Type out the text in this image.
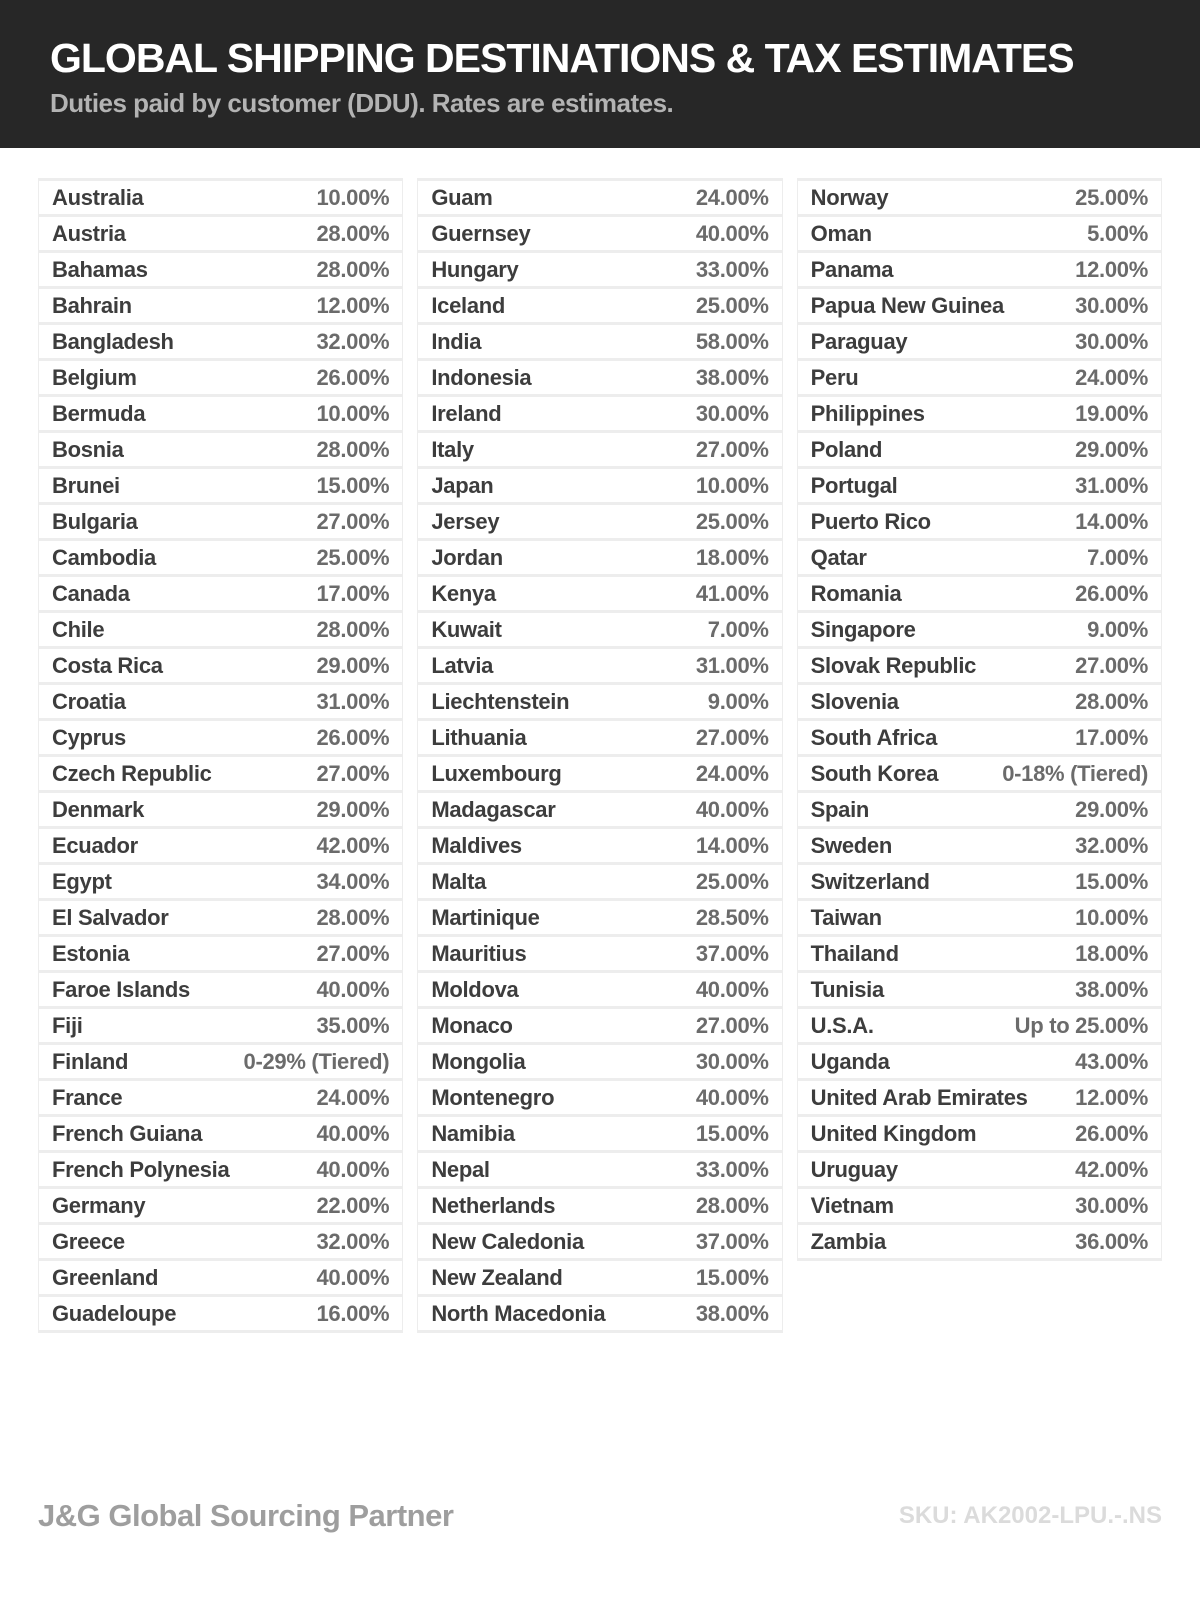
GLOBAL SHIPPING DESTINATIONS & TAX ESTIMATES

Duties paid by customer (DDU). Rates are estimates.

Australia	10.00%
Austria	28.00%
Bahamas	28.00%
Bahrain	12.00%
Bangladesh	32.00%
Belgium	26.00%
Bermuda	10.00%
Bosnia	28.00%
Brunei	15.00%
Bulgaria	27.00%
Cambodia	25.00%
Canada	17.00%
Chile	28.00%
Costa Rica	29.00%
Croatia	31.00%
Cyprus	26.00%
Czech Republic	27.00%
Denmark	29.00%
Ecuador	42.00%
Egypt	34.00%
El Salvador	28.00%
Estonia	27.00%
Faroe Islands	40.00%
Fiji	35.00%
Finland	0-29% (Tiered)
France	24.00%
French Guiana	40.00%
French Polynesia	40.00%
Germany	22.00%
Greece	32.00%
Greenland	40.00%
Guadeloupe	16.00%
Guam	24.00%
Guernsey	40.00%
Hungary	33.00%
Iceland	25.00%
India	58.00%
Indonesia	38.00%
Ireland	30.00%
Italy	27.00%
Japan	10.00%
Jersey	25.00%
Jordan	18.00%
Kenya	41.00%
Kuwait	7.00%
Latvia	31.00%
Liechtenstein	9.00%
Lithuania	27.00%
Luxembourg	24.00%
Madagascar	40.00%
Maldives	14.00%
Malta	25.00%
Martinique	28.50%
Mauritius	37.00%
Moldova	40.00%
Monaco	27.00%
Mongolia	30.00%
Montenegro	40.00%
Namibia	15.00%
Nepal	33.00%
Netherlands	28.00%
New Caledonia	37.00%
New Zealand	15.00%
North Macedonia	38.00%
Norway	25.00%
Oman	5.00%
Panama	12.00%
Papua New Guinea	30.00%
Paraguay	30.00%
Peru	24.00%
Philippines	19.00%
Poland	29.00%
Portugal	31.00%
Puerto Rico	14.00%
Qatar	7.00%
Romania	26.00%
Singapore	9.00%
Slovak Republic	27.00%
Slovenia	28.00%
South Africa	17.00%
South Korea	0-18% (Tiered)
Spain	29.00%
Sweden	32.00%
Switzerland	15.00%
Taiwan	10.00%
Thailand	18.00%
Tunisia	38.00%
U.S.A.	Up to 25.00%
Uganda	43.00%
United Arab Emirates 12.00%
United Kingdom	26.00%
Uruguay	42.00%
Vietnam	30.00%
Zambia	36.00%
J&G Global Sourcing Partner	SKU: AK2002-LPU.-.NS
